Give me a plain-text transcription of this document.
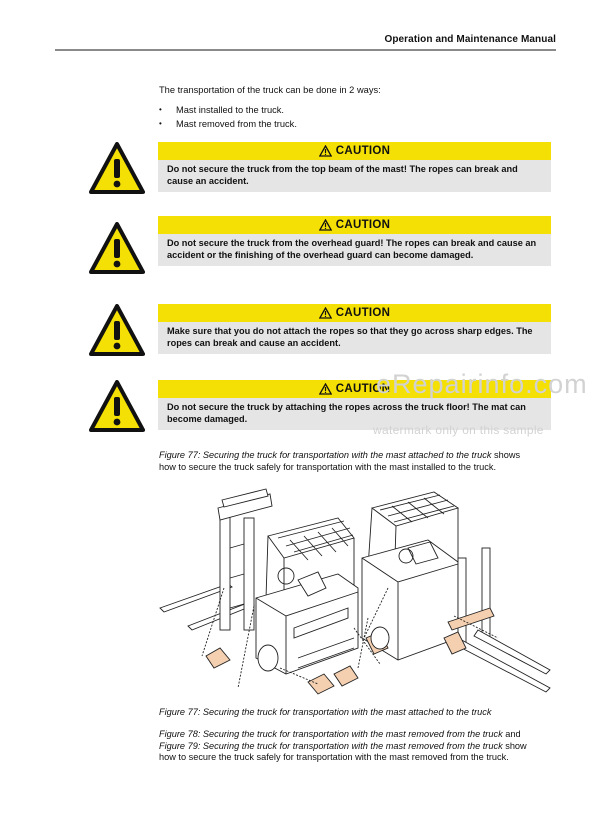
Operation and Maintenance Manual
The transportation of the truck can be done in 2 ways:
• Mast installed to the truck.
• Mast removed from the truck.
CAUTION
Do not secure the truck from the top beam of the mast! The ropes can break and cause an accident.
CAUTION
Do not secure the truck from the overhead guard! The ropes can break and cause an accident or the finishing of the overhead guard can become damaged.
CAUTION
Make sure that you do not attach the ropes so that they go across sharp edges. The ropes can break and cause an accident.
CAUTION
Do not secure the truck by attaching the ropes across the truck floor! The mat can become damaged.
eRepairinfo.com
watermark only on this sample
Figure 77: Securing the truck for transportation with the mast attached to the truck shows how to secure the truck safely for transportation with the mast installed to the truck.
Figure 77: Securing the truck for transportation with the mast attached to the truck
Figure 78: Securing the truck for transportation with the mast removed from the truck and Figure 79: Securing the truck for transportation with the mast removed from the truck show how to secure the truck safely for transportation with the mast removed from the truck.
